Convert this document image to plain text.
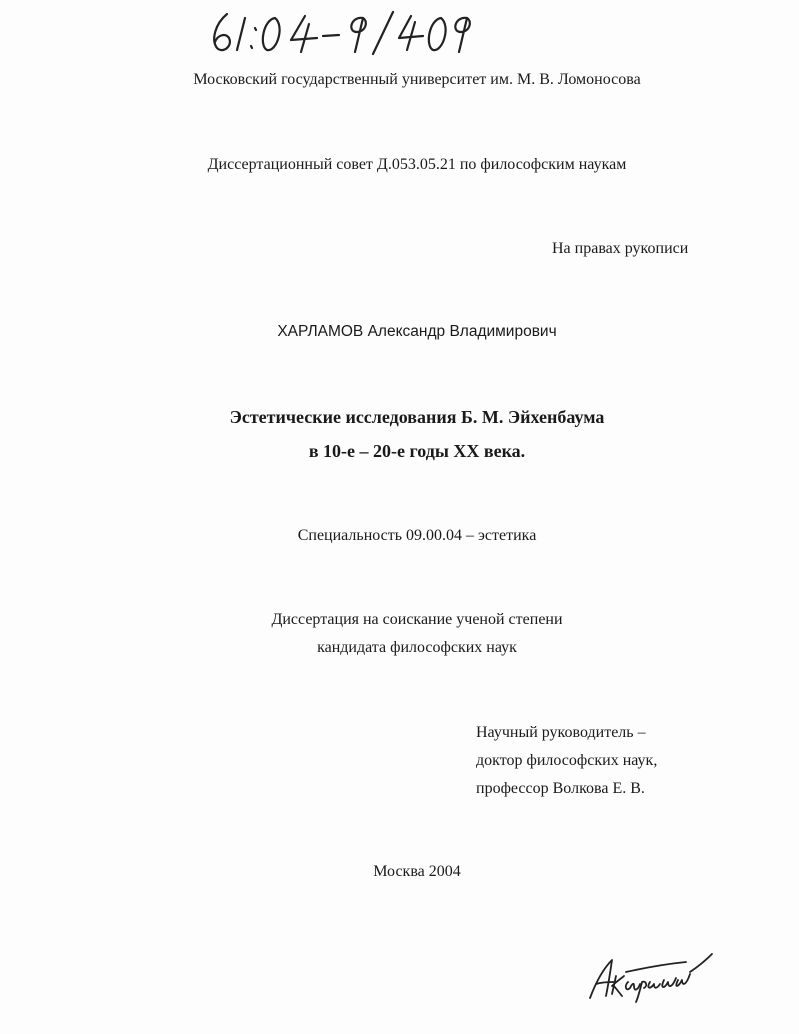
Московский государственный университет им. М. В. Ломоносова
Диссертационный совет Д.053.05.21 по философским наукам
На правах рукописи
ХАРЛАМОВ Александр Владимирович
Эстетические исследования Б. М. Эйхенбаума
в 10-е – 20-е годы XX века.
Специальность 09.00.04 – эстетика
Диссертация на соискание ученой степени
кандидата философских наук
Научный руководитель –
доктор философских наук,
профессор Волкова Е. В.
Москва 2004
